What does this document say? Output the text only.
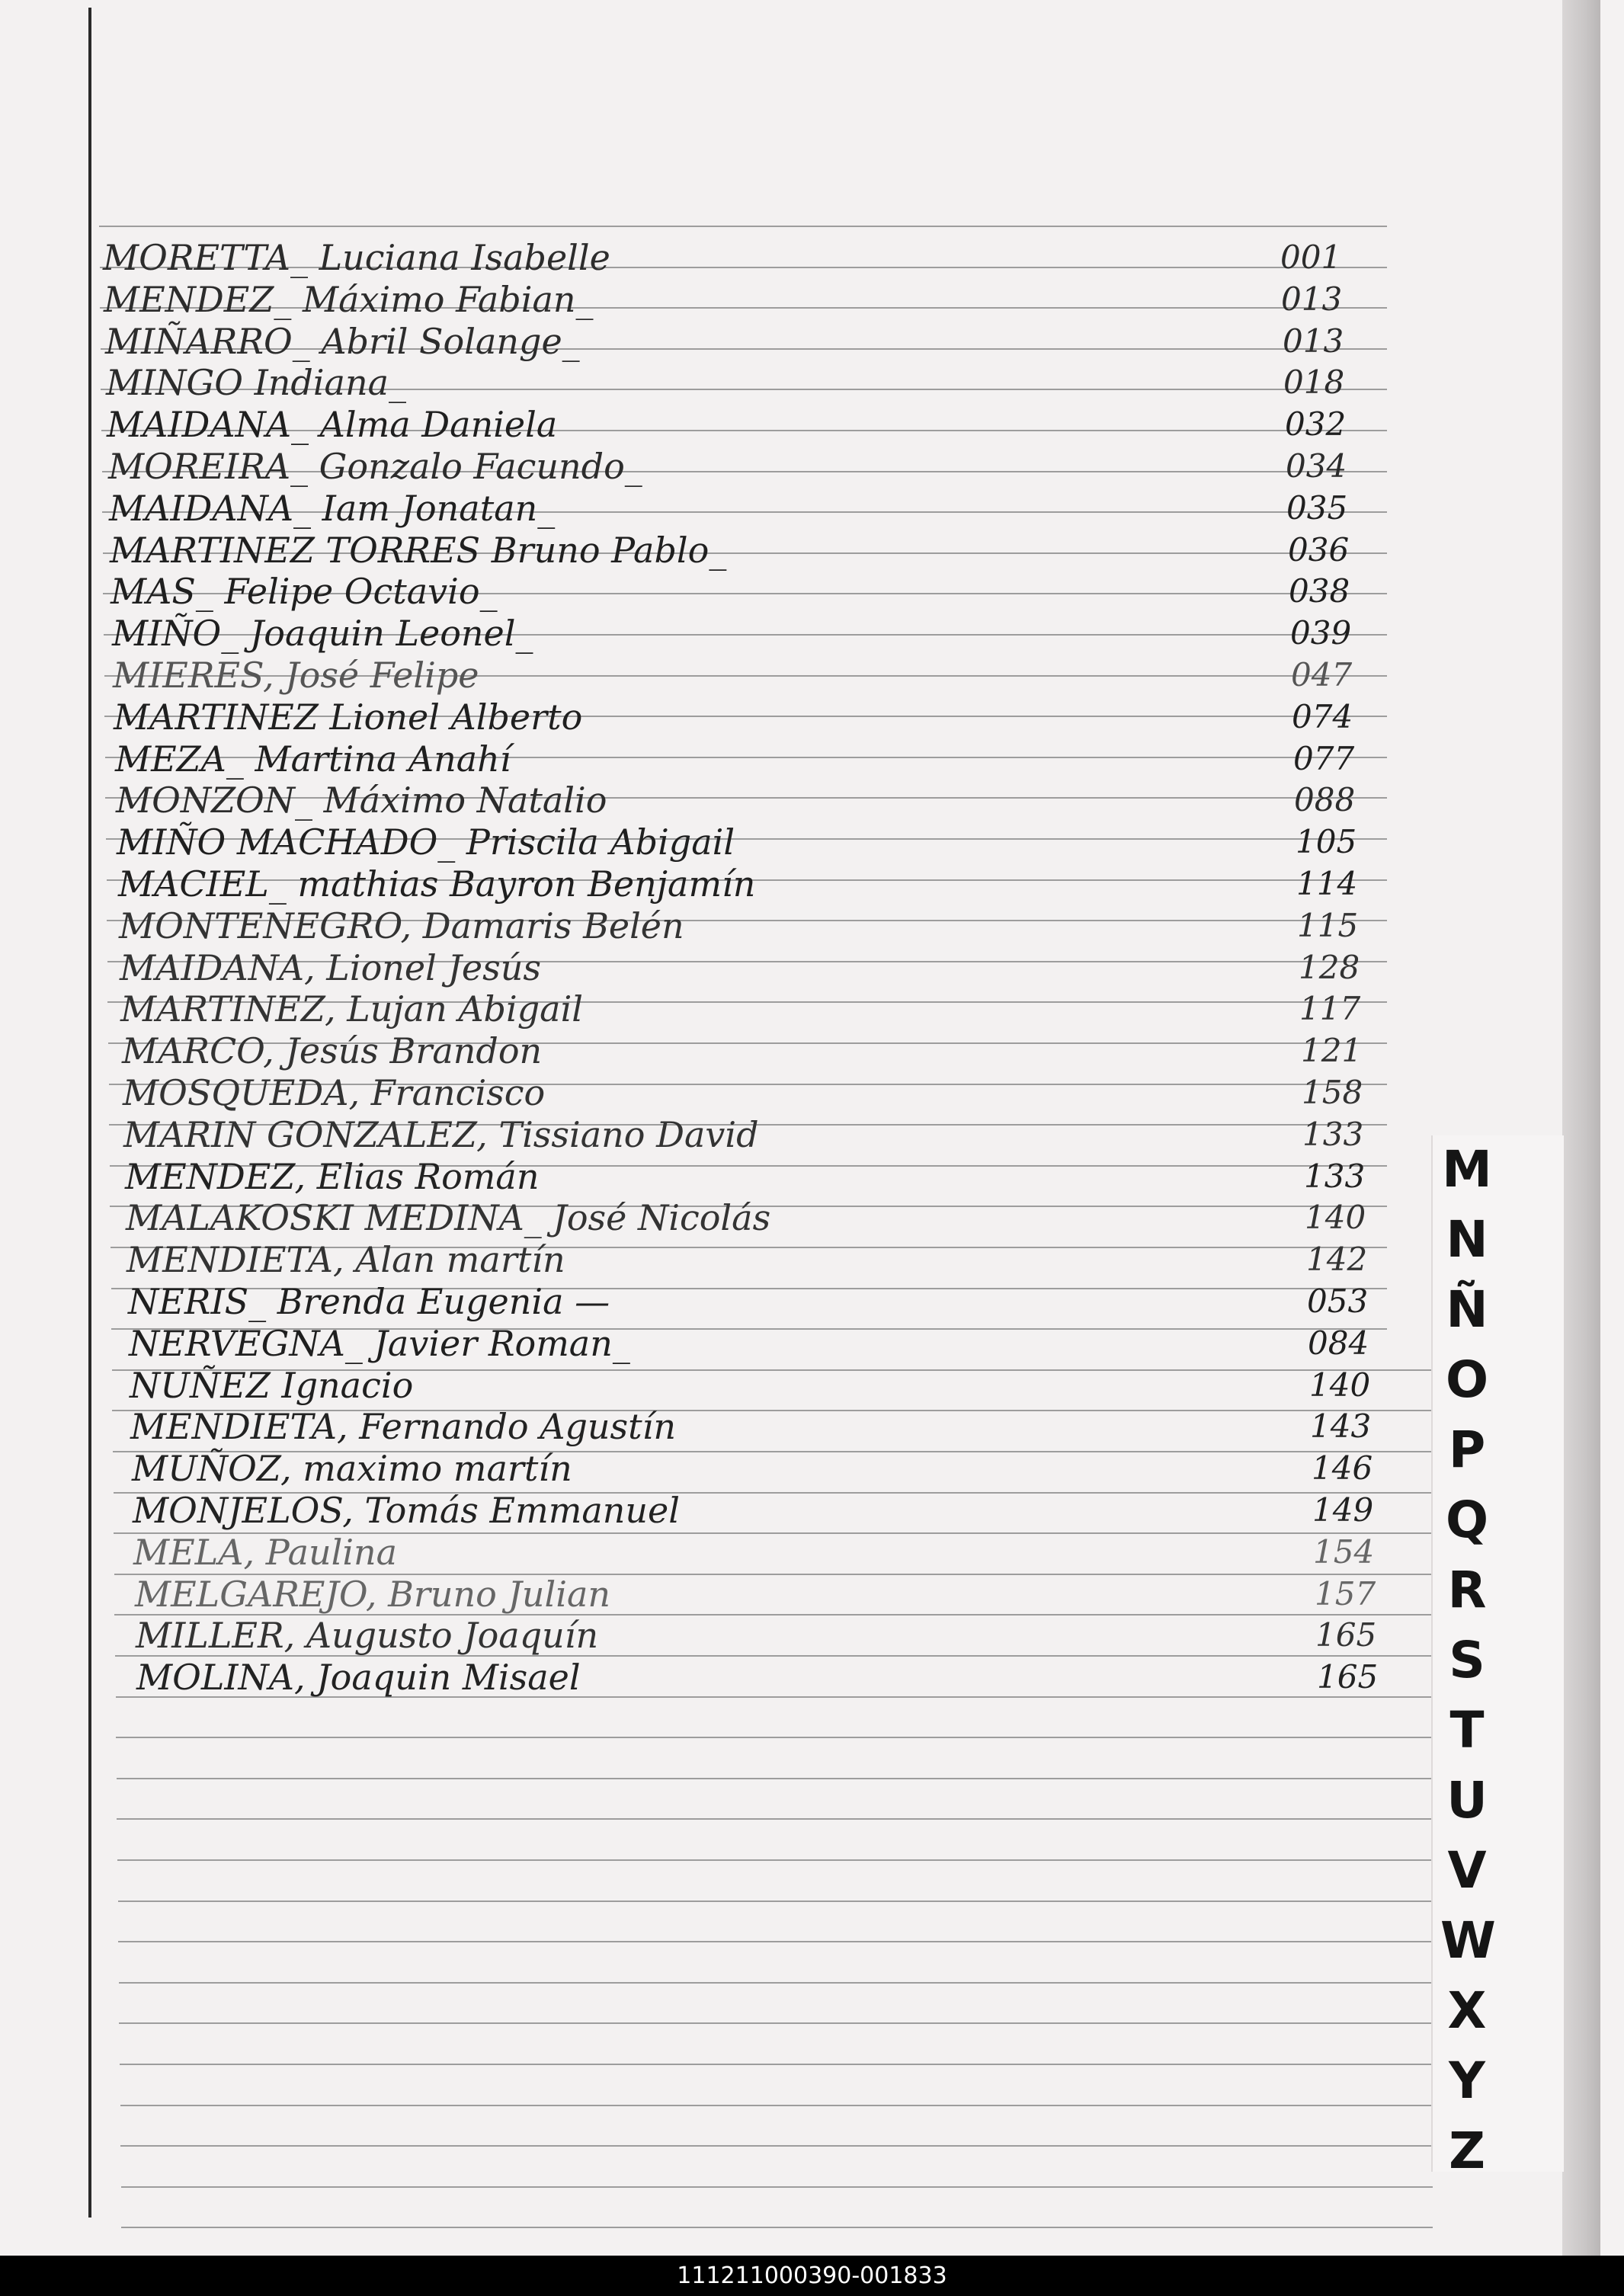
MORETTA_ Luciana Isabelle	001
MENDEZ_ Máximo Fabian_	013
MIÑARRO_ Abril Solange_	013
MINGO Indiana_	018
MAIDANA_ Alma Daniela	032
MOREIRA_ Gonzalo Facundo_	034
MAIDANA_ Iam Jonatan_	035
MARTINEZ TORRES Bruno Pablo_	036
MAS_ Felipe Octavio_	038
MIÑO_ Joaquin Leonel_	039
MIERES, José Felipe	047
MARTINEZ Lionel Alberto	074
MEZA_ Martina Anahí	077
MONZON_ Máximo Natalio	088
MIÑO MACHADO_ Priscila Abigail	105
MACIEL_ mathias Bayron Benjamín	114
MONTENEGRO, Damaris Belén	115
MAIDANA, Lionel Jesús	128
MARTINEZ, Lujan Abigail	117
MARCO, Jesús Brandon	121
MOSQUEDA, Francisco	158
MARIN GONZALEZ, Tissiano David	133
MENDEZ, Elias Román	133
MALAKOSKI MEDINA_ José Nicolás	140
MENDIETA, Alan martín	142
NERIS_ Brenda Eugenia —	053
NERVEGNA_ Javier Roman_	084
NUÑEZ Ignacio	140
MENDIETA, Fernando Agustín	143
MUÑOZ, maximo martín	146
MONJELOS, Tomás Emmanuel	149
MELA, Paulina	154
MELGAREJO, Bruno Julian	157
MILLER, Augusto Joaquín	165
MOLINA, Joaquin Misael	165
M
N
Ñ
O
P
Q
R
S
T
U
V
W
X
Y
Z
111211000390-001833
